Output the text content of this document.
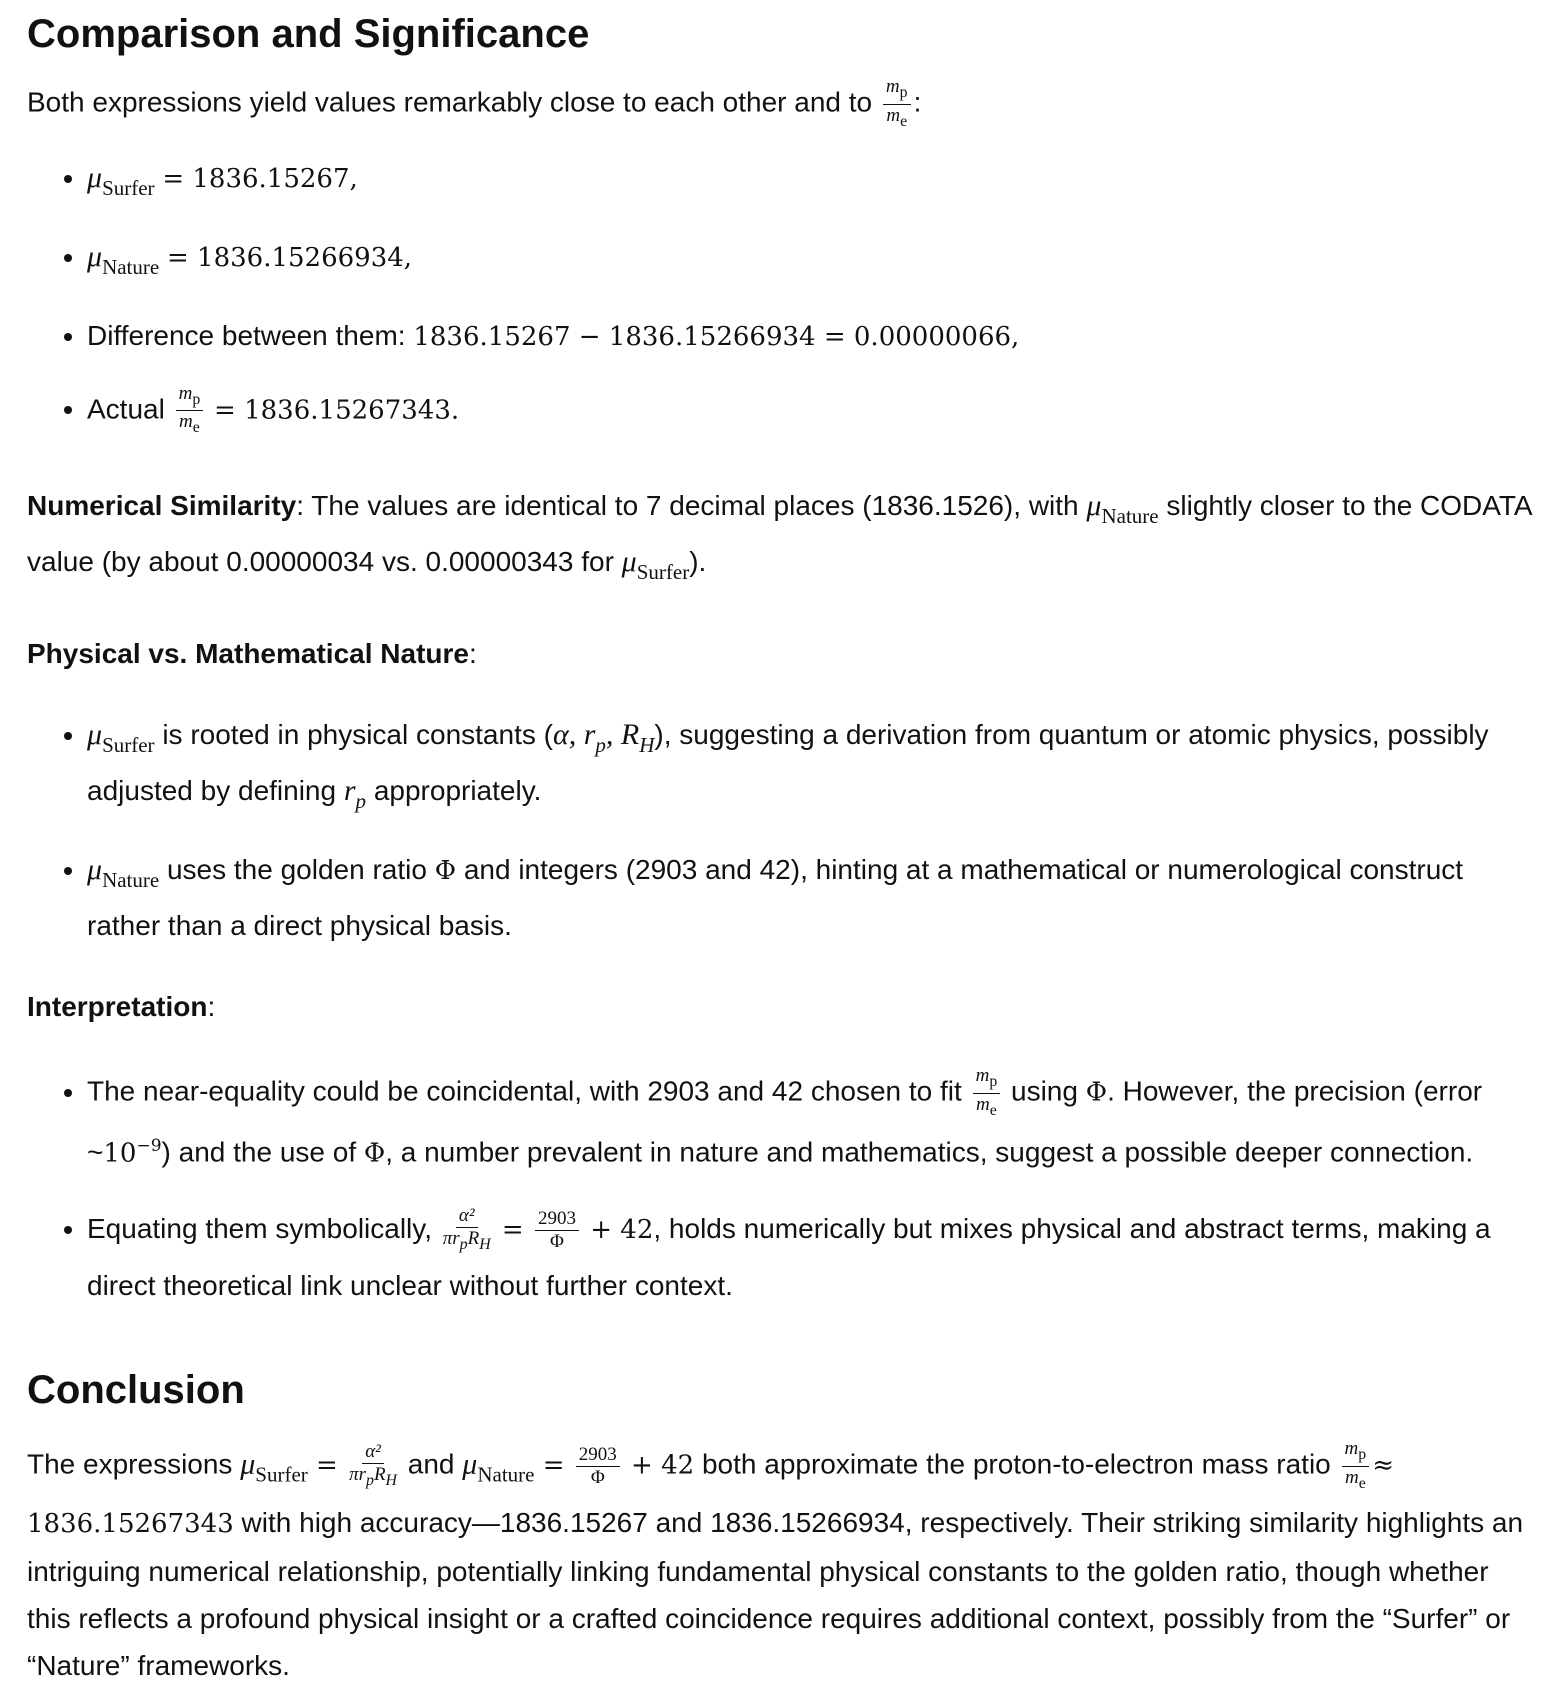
Comparison and Significance

Both expressions yield values remarkably close to each other and to $\frac{m_p}{m_e}$ :

• $\mu_{Surfer} = 1836.15267$,
• $\mu_{Nature} = 1836.15266934$,
• Difference between them: 1836.15267 − 1836.15266934 = 0.00000066,
• Actual $\frac{m_p}{m_e} = 1836.15267343$.

Numerical Similarity: The values are identical to 7 decimal places (1836.1526), with $\mu_{Nature}$ slightly closer to the CODATA value (by about 0.00000034 vs. 0.00000343 for $\mu_{Surfer}$).

Physical vs. Mathematical Nature:

• $\mu_{Surfer}$ is rooted in physical constants (α, $r_p$, $R_H$), suggesting a derivation from quantum or atomic physics, possibly adjusted by defining $r_p$ appropriately.
• $\mu_{Nature}$ uses the golden ratio Φ and integers (2903 and 42), hinting at a mathematical or numerological construct rather than a direct physical basis.

Interpretation:

• The near-equality could be coincidental, with 2903 and 42 chosen to fit $\frac{m_p}{m_e}$ using Φ. However, the precision (error $\sim 10^{-9}$) and the use of Φ, a number prevalent in nature and mathematics, suggest a possible deeper connection.
• Equating them symbolically, $\frac{\text{α²}}{\pi r_pR_H} = \frac{2903}{\Phi} + 42$, holds numerically but mixes physical and abstract terms, making a direct theoretical link unclear without further context.
Conclusion

The expressions $\mu_{Surfer} = \frac{\text{α²}}{\pi r_pR_H}$ and $\mu_{Nature} = \frac{2903}{\Phi} + 42$ both approximate the proton-to-electron mass ratio $\frac{m_p}{m_e} \approx 1836.15267343$ with high accuracy—1836.15267 and 1836.15266934, respectively. Their striking similarity highlights an intriguing numerical relationship, potentially linking fundamental physical constants to the golden ratio, though whether this reflects a profound physical insight or a crafted coincidence requires additional context, possibly from the “Surfer” or “Nature” frameworks.
